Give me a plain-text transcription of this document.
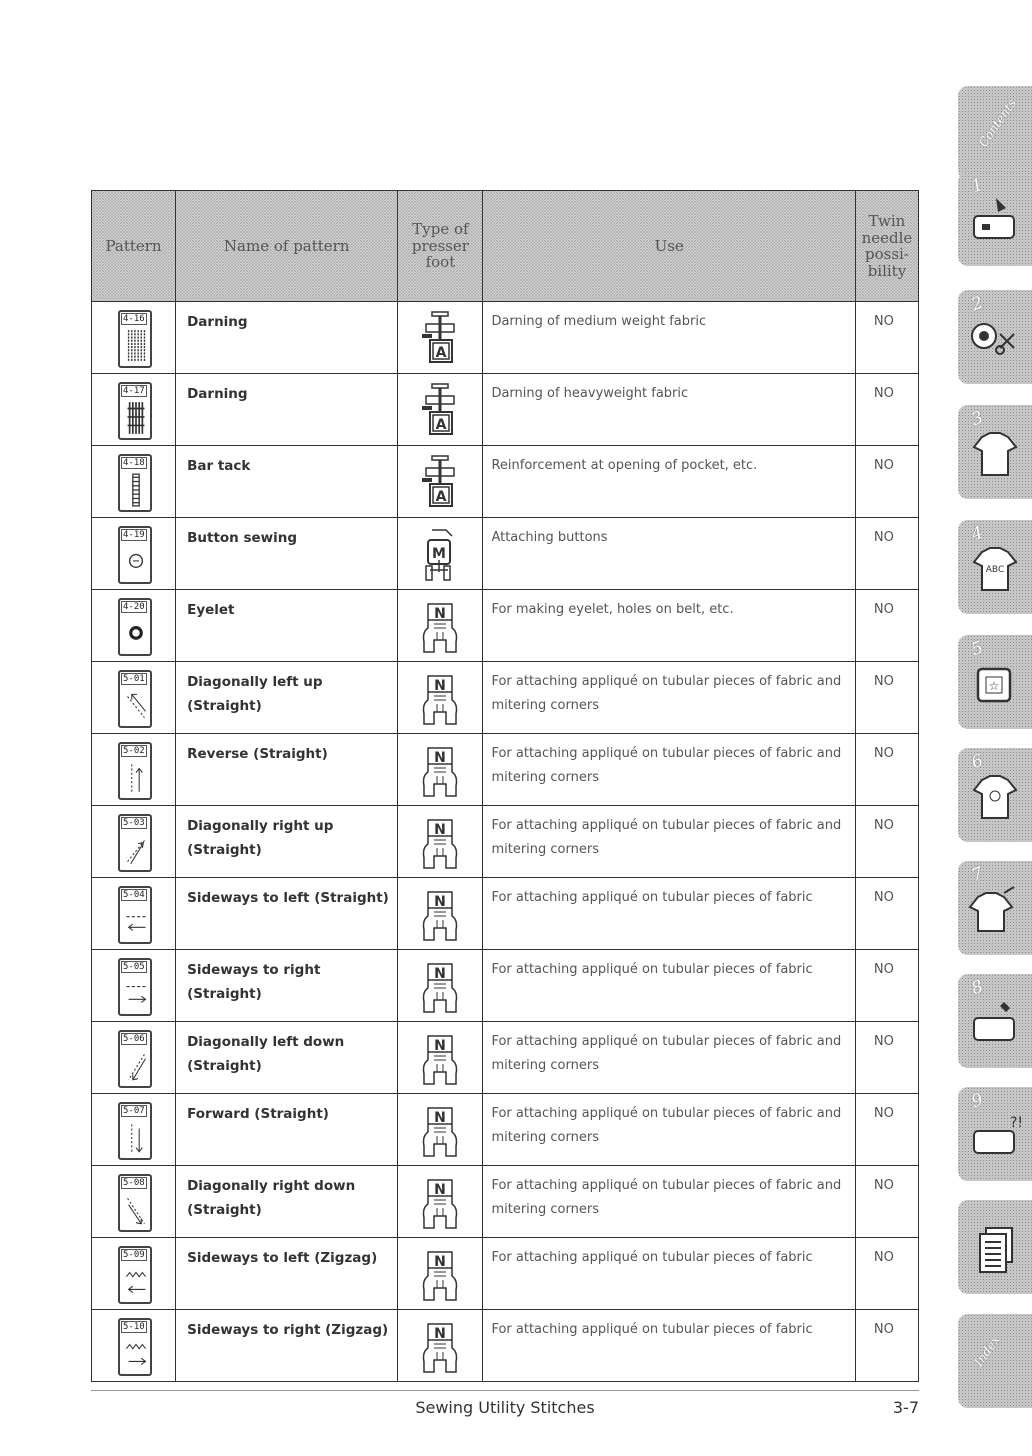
Pattern	Name of pattern	Type of presser foot	Use	Twin needle possi- bility

4-16	Darning	A	Darning of medium weight fabric	NO

4-17	Darning	A	Darning of heavyweight fabric	NO

4-18	Bar tack	A	Reinforcement at opening of pocket, etc.	NO

4-19	Button sewing	M	Attaching buttons	NO

4-20	Eyelet	N	For making eyelet, holes on belt, etc.	NO

5-01	Diagonally left up (Straight)	N	For attaching appliqué on tubular pieces of fabric and mitering corners	NO

5-02	Reverse (Straight)	N	For attaching appliqué on tubular pieces of fabric and mitering corners	NO

5-03	Diagonally right up (Straight)	N	For attaching appliqué on tubular pieces of fabric and mitering corners	NO

5-04	Sideways to left (Straight)	N	For attaching appliqué on tubular pieces of fabric	NO

5-05	Sideways to right (Straight)	N	For attaching appliqué on tubular pieces of fabric	NO

5-06	Diagonally left down (Straight)	N	For attaching appliqué on tubular pieces of fabric and mitering corners	NO

5-07	Forward (Straight)	N	For attaching appliqué on tubular pieces of fabric and mitering corners	NO

5-08	Diagonally right down (Straight)	N	For attaching appliqué on tubular pieces of fabric and mitering corners	NO

5-09	Sideways to left (Zigzag)	N	For attaching appliqué on tubular pieces of fabric	NO

5-10	Sideways to right (Zigzag)	N	For attaching appliqué on tubular pieces of fabric	NO
Contents
1
2
3
4
ABC
5
☆
6
7
8
9
?!
Index
Sewing Utility Stitches	3-7
